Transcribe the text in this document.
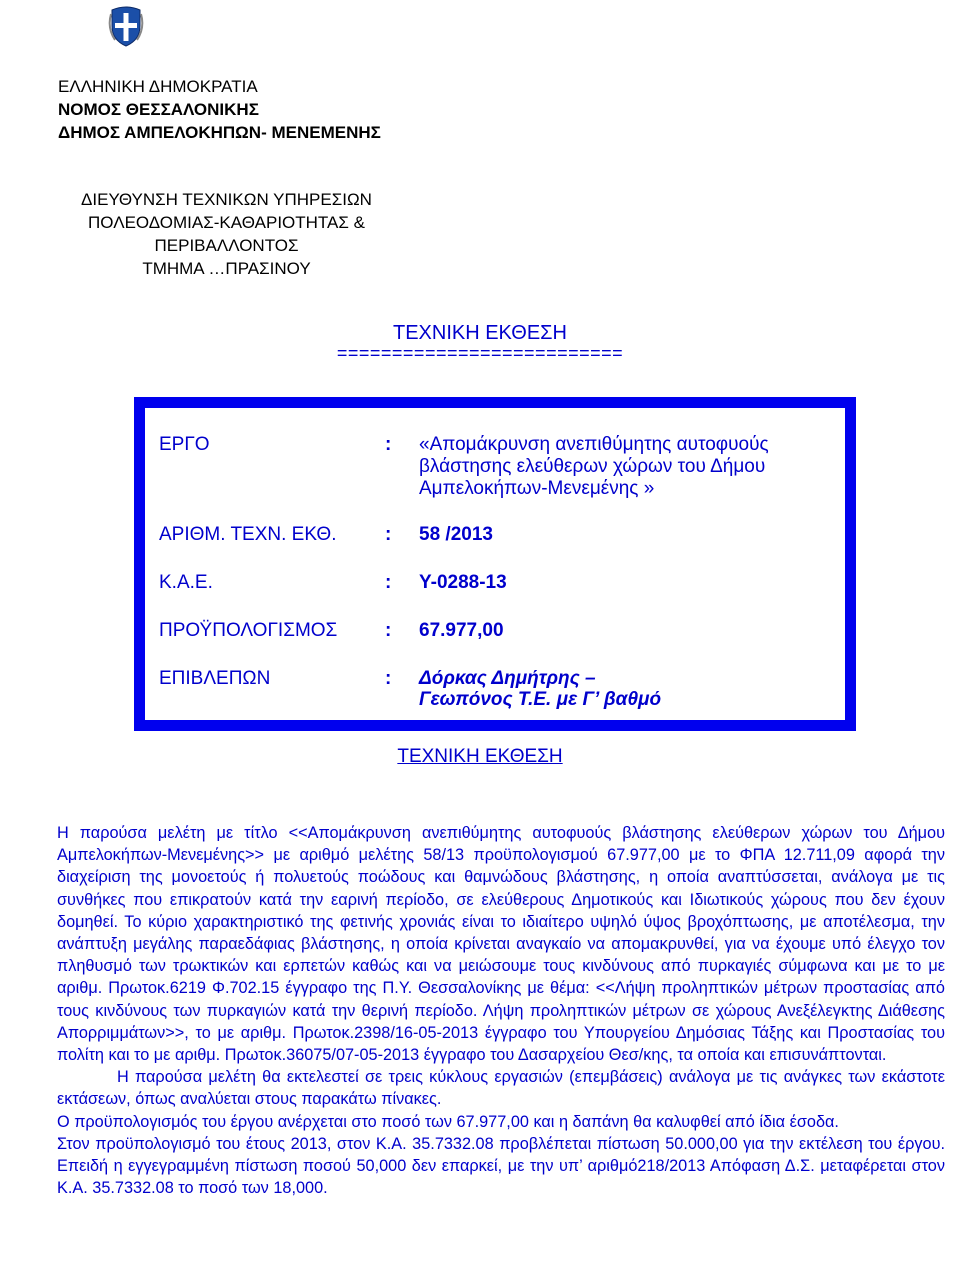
ΕΛΛΗΝΙΚΗ ΔΗΜΟΚΡΑΤΙΑ
ΝΟΜΟΣ ΘΕΣΣΑΛΟΝΙΚΗΣ
ΔΗΜΟΣ ΑΜΠΕΛΟΚΗΠΩΝ- ΜΕΝΕΜΕΝΗΣ
ΔΙΕΥΘΥΝΣΗ ΤΕΧΝΙΚΩΝ ΥΠΗΡΕΣΙΩΝ
ΠΟΛΕΟΔΟΜΙΑΣ-ΚΑΘΑΡΙΟΤΗΤΑΣ &
ΠΕΡΙΒΑΛΛΟΝΤΟΣ
ΤΜΗΜΑ …ΠΡΑΣΙΝΟΥ
ΤΕΧΝΙΚΗ ΕΚΘΕΣΗ
==========================
ΕΡΓΟ	: «Απομάκρυνση ανεπιθύμητης αυτοφυούς
βλάστησης ελεύθερων χώρων του Δήμου
Αμπελοκήπων-Μενεμένης »
ΑΡΙΘΜ. ΤΕΧΝ. ΕΚΘ.	: 58 /2013
Κ.Α.Ε.	: Υ-0288-13
ΠΡΟΫΠΟΛΟΓΙΣΜΟΣ	: 67.977,00
ΕΠΙΒΛΕΠΩΝ	: Δόρκας Δημήτρης –
Γεωπόνος Τ.Ε. με Γ’ βαθμό
ΤΕΧΝΙΚΗ ΕΚΘΕΣΗ

Η παρούσα μελέτη με τίτλο <<Απομάκρυνση ανεπιθύμητης αυτοφυούς βλάστησης ελεύθερων χώρων του Δήμου Αμπελοκήπων-Μενεμένης>> με αριθμό μελέτης 58/13 προϋπολογισμού 67.977,00 με το ΦΠΑ 12.711,09 αφορά την διαχείριση της μονοετούς ή πολυετούς ποώδους και θαμνώδους βλάστησης, η οποία αναπτύσσεται, ανάλογα με τις συνθήκες που επικρατούν κατά την εαρινή περίοδο, σε ελεύθερους Δημοτικούς και Ιδιωτικούς χώρους που δεν έχουν δομηθεί. Το κύριο χαρακτηριστικό της φετινής χρονιάς είναι το ιδιαίτερο υψηλό ύψος βροχόπτωσης, με αποτέλεσμα, την ανάπτυξη μεγάλης παραεδάφιας βλάστησης, η οποία κρίνεται αναγκαίο να απομακρυνθεί, για να έχουμε υπό έλεγχο τον πληθυσμό των τρωκτικών και ερπετών καθώς και να μειώσουμε τους κινδύνους από πυρκαγιές σύμφωνα και με το με αριθμ. Πρωτοκ.6219 Φ.702.15 έγγραφο της Π.Υ. Θεσσαλονίκης με θέμα: <<Λήψη προληπτικών μέτρων προστασίας από τους κινδύνους των πυρκαγιών κατά την θερινή περίοδο. Λήψη προληπτικών μέτρων σε χώρους Ανεξέλεγκτης Διάθεσης Απορριμμάτων>>, το με αριθμ. Πρωτοκ.2398/16-05-2013 έγγραφο του Υπουργείου Δημόσιας Τάξης και Προστασίας του πολίτη και το με αριθμ. Πρωτοκ.36075/07-05-2013 έγγραφο του Δασαρχείου Θεσ/κης, τα οποία και επισυνάπτονται.

Η παρούσα μελέτη θα εκτελεστεί σε τρεις κύκλους εργασιών (επεμβάσεις) ανάλογα με τις ανάγκες των εκάστοτε εκτάσεων, όπως αναλύεται στους παρακάτω πίνακες.

Ο προϋπολογισμός του έργου ανέρχεται στο ποσό των 67.977,00 και η δαπάνη θα καλυφθεί από ίδια έσοδα.

Στον προϋπολογισμό του έτους 2013, στον Κ.Α. 35.7332.08 προβλέπεται πίστωση 50.000,00 για την εκτέλεση του έργου. Επειδή η εγγεγραμμένη πίστωση ποσού 50,000 δεν επαρκεί, με την υπ’ αριθμό218/2013 Απόφαση Δ.Σ. μεταφέρεται στον Κ.Α. 35.7332.08 το ποσό των 18,000.
